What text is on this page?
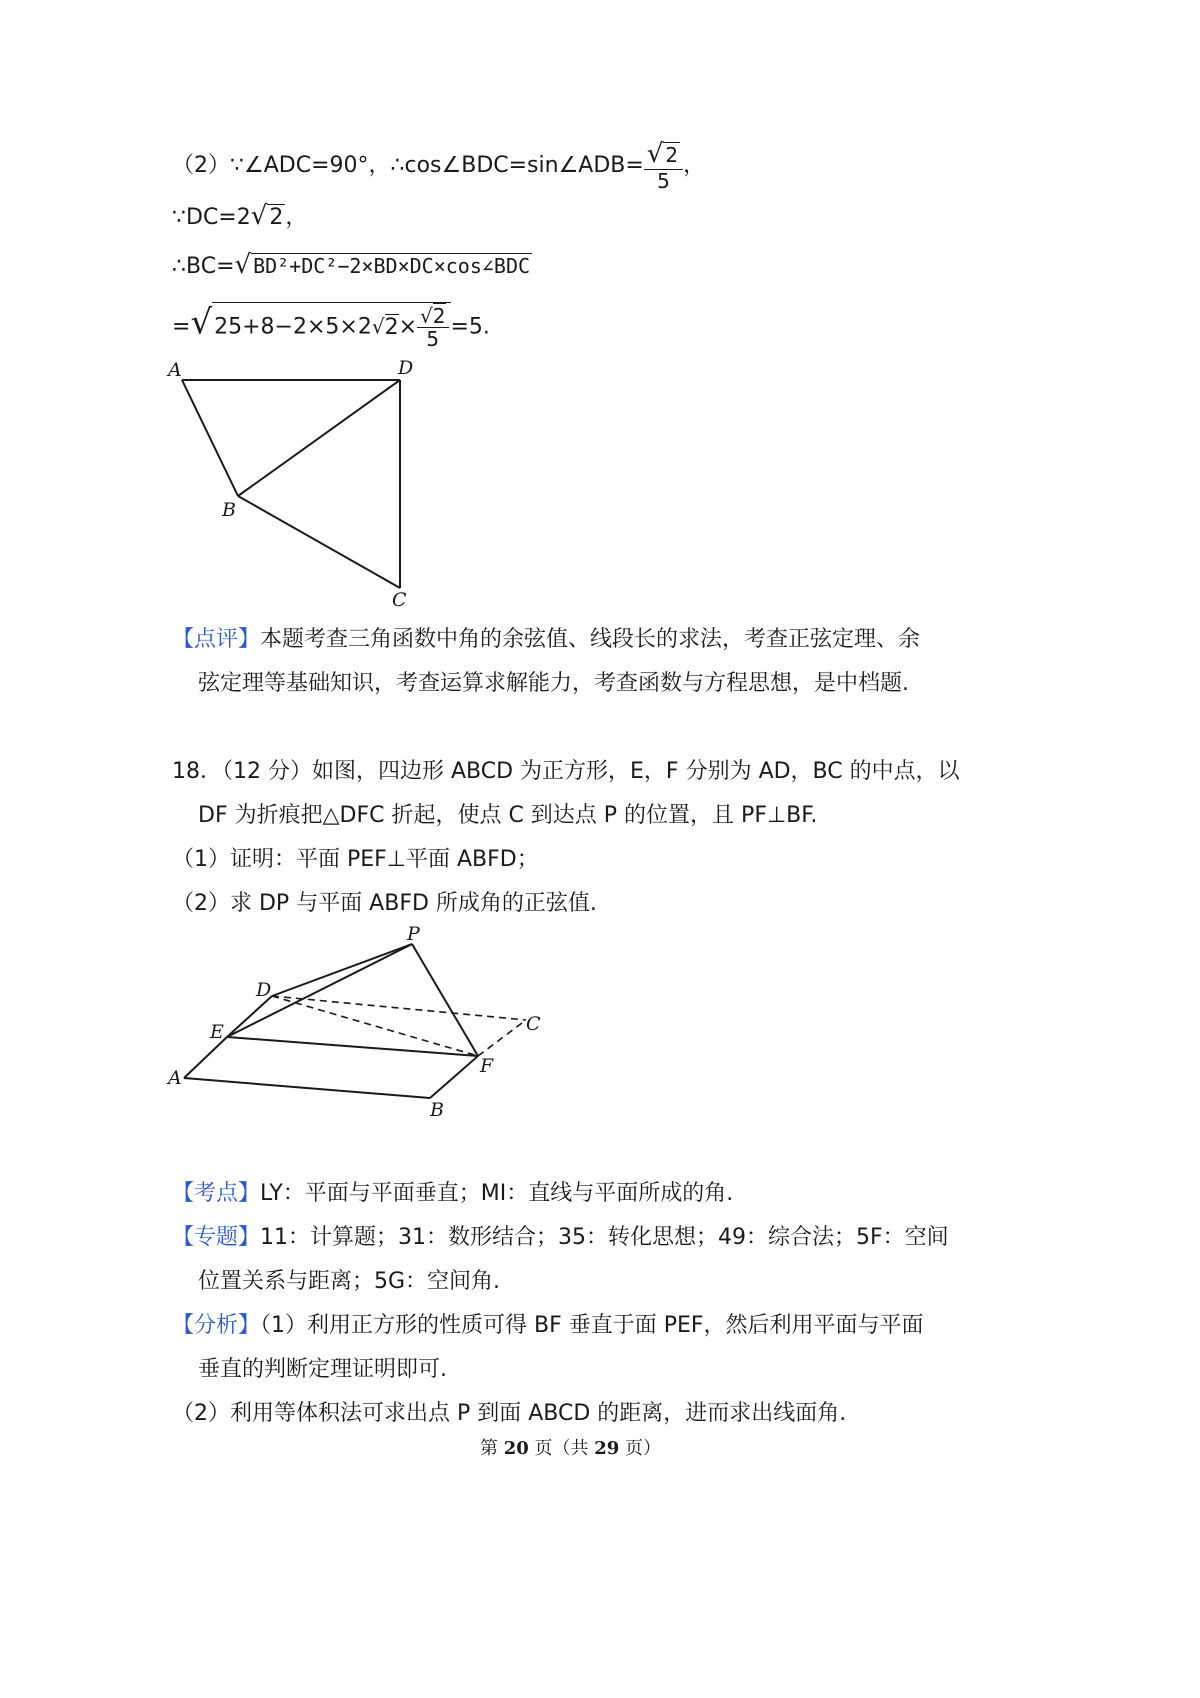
（2）∵∠ADC=90°，∴cos∠BDC=sin∠ADB= $\frac{√ 2}{5}$ ，
∵DC=2√2，
∴BC=√ BD²+DC²−2×BD×DC×cos∠BDC
$=√25+8-2\times 5\times 2√2\times \frac{√2}{5} =5$.
A	D
B
C
【点评】本题考查三角函数中角的余弦值、线段长的求法，考查正弦定理、余
弦定理等基础知识，考查运算求解能力，考查函数与方程思想，是中档题.
18．（12 分）如图，四边形 ABCD 为正方形，E，F 分别为 AD，BC 的中点，以
DF 为折痕把△DFC 折起，使点 C 到达点 P 的位置，且 PF⊥BF.
（1）证明：平面 PEF⊥平面 ABFD；
（2）求 DP 与平面 ABFD 所成角的正弦值.
P
D
E	C
A
F
B
【考点】LY：平面与平面垂直；MI：直线与平面所成的角.
【专题】11：计算题；31：数形结合；35：转化思想；49：综合法；5F：空间
位置关系与距离；5G：空间角.
【分析】（1）利用正方形的性质可得 BF 垂直于面 PEF，然后利用平面与平面
垂直的判断定理证明即可.
（2）利用等体积法可求出点 P 到面 ABCD 的距离，进而求出线面角.
第 20 页（共 29 页）
